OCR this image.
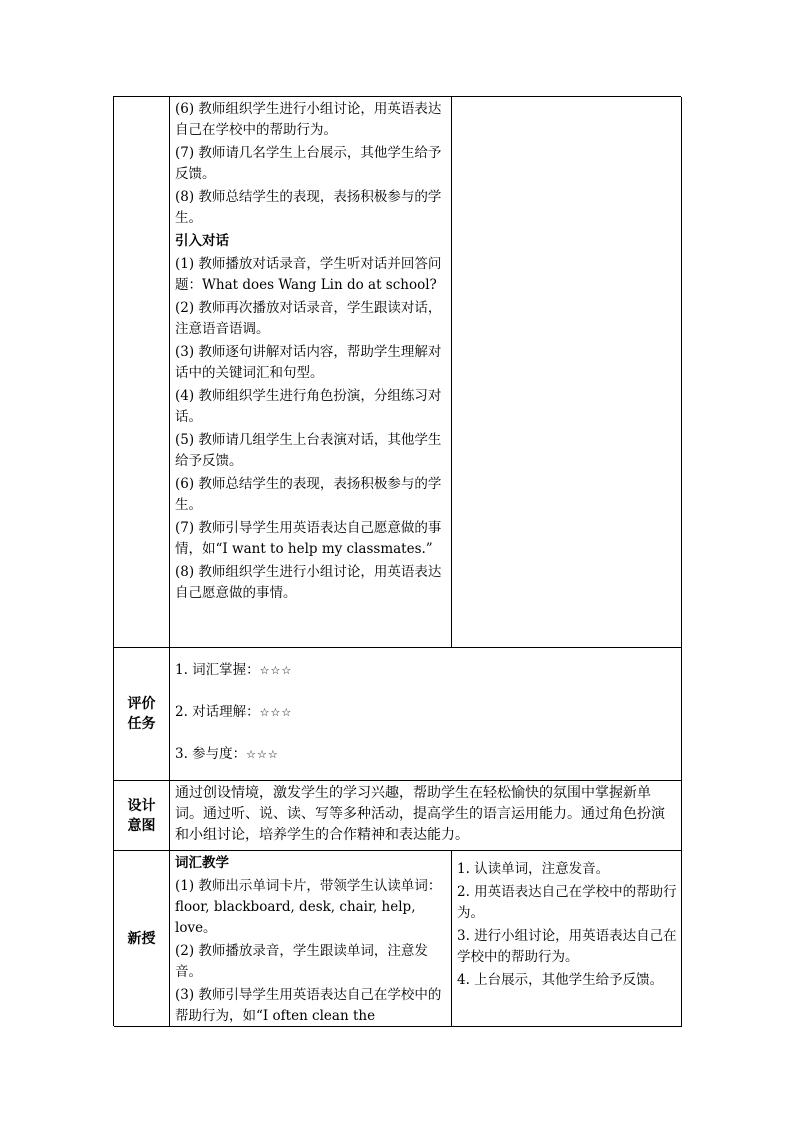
(6) 教师组织学生进行小组讨论，用英语表达自己在学校中的帮助行为。

(7) 教师请几名学生上台展示，其他学生给予反馈。

(8) 教师总结学生的表现，表扬积极参与的学生。

引入对话

(1) 教师播放对话录音，学生听对话并回答问题：What does Wang Lin do at school?

(2) 教师再次播放对话录音，学生跟读对话，注意语音语调。

(3) 教师逐句讲解对话内容，帮助学生理解对话中的关键词汇和句型。

(4) 教师组织学生进行角色扮演，分组练习对话。

(5) 教师请几组学生上台表演对话，其他学生给予反馈。

(6) 教师总结学生的表现，表扬积极参与的学生。

(7) 教师引导学生用英语表达自己愿意做的事情，如“I want to help my classmates.”

(8) 教师组织学生进行小组讨论，用英语表达自己愿意做的事情。

评价任务

1. 词汇掌握：☆☆☆

2. 对话理解：☆☆☆

3. 参与度：☆☆☆

设计意图

通过创设情境，激发学生的学习兴趣，帮助学生在轻松愉快的氛围中掌握新单词。通过听、说、读、写等多种活动，提高学生的语言运用能力。通过角色扮演和小组讨论，培养学生的合作精神和表达能力。

新授

词汇教学

(1) 教师出示单词卡片，带领学生认读单词：floor, blackboard, desk, chair, help, love。

(2) 教师播放录音，学生跟读单词，注意发音。

(3) 教师引导学生用英语表达自己在学校中的帮助行为，如“I often clean the

1. 认读单词，注意发音。

2. 用英语表达自己在学校中的帮助行为。

3. 进行小组讨论，用英语表达自己在学校中的帮助行为。

4. 上台展示，其他学生给予反馈。
